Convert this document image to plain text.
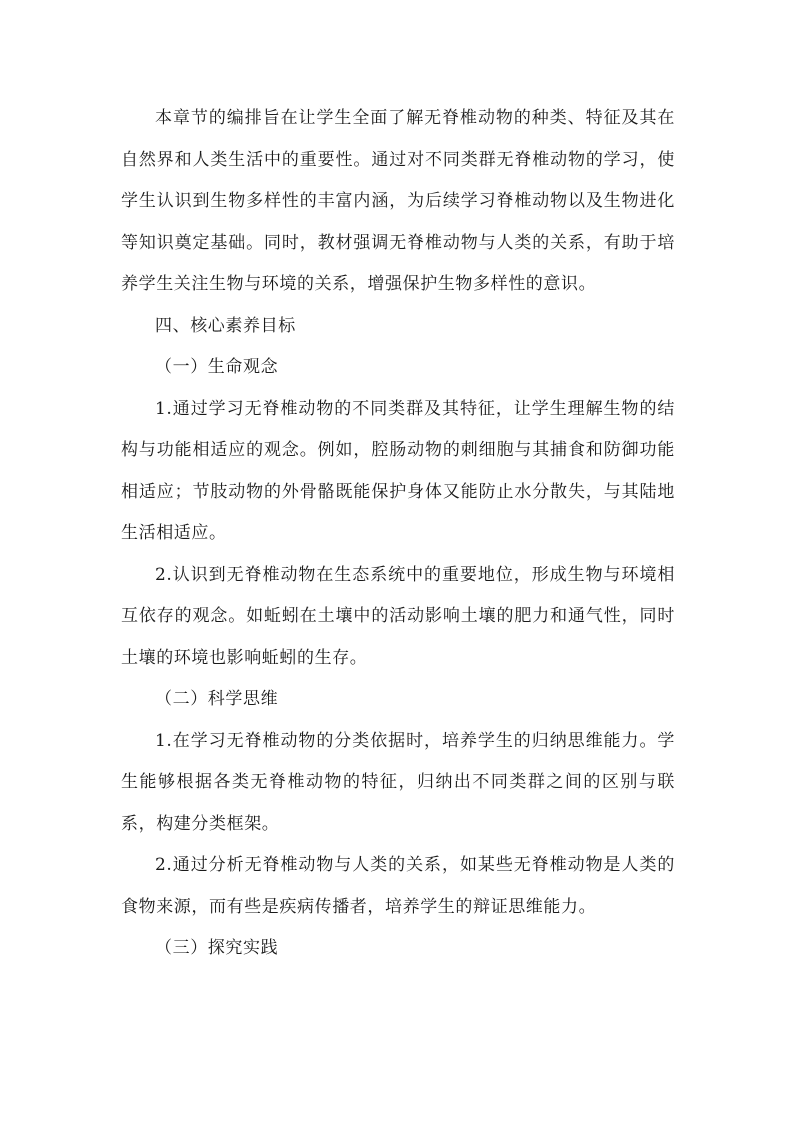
本章节的编排旨在让学生全面了解无脊椎动物的种类、特征及其在自然界和人类生活中的重要性。通过对不同类群无脊椎动物的学习，使学生认识到生物多样性的丰富内涵，为后续学习脊椎动物以及生物进化等知识奠定基础。同时，教材强调无脊椎动物与人类的关系，有助于培养学生关注生物与环境的关系，增强保护生物多样性的意识。

四、核心素养目标

（一）生命观念

1.通过学习无脊椎动物的不同类群及其特征，让学生理解生物的结构与功能相适应的观念。例如，腔肠动物的刺细胞与其捕食和防御功能相适应；节肢动物的外骨骼既能保护身体又能防止水分散失，与其陆地生活相适应。

2.认识到无脊椎动物在生态系统中的重要地位，形成生物与环境相互依存的观念。如蚯蚓在土壤中的活动影响土壤的肥力和通气性，同时土壤的环境也影响蚯蚓的生存。

（二）科学思维

1.在学习无脊椎动物的分类依据时，培养学生的归纳思维能力。学生能够根据各类无脊椎动物的特征，归纳出不同类群之间的区别与联系，构建分类框架。

2.通过分析无脊椎动物与人类的关系，如某些无脊椎动物是人类的食物来源，而有些是疾病传播者，培养学生的辩证思维能力。

（三）探究实践
